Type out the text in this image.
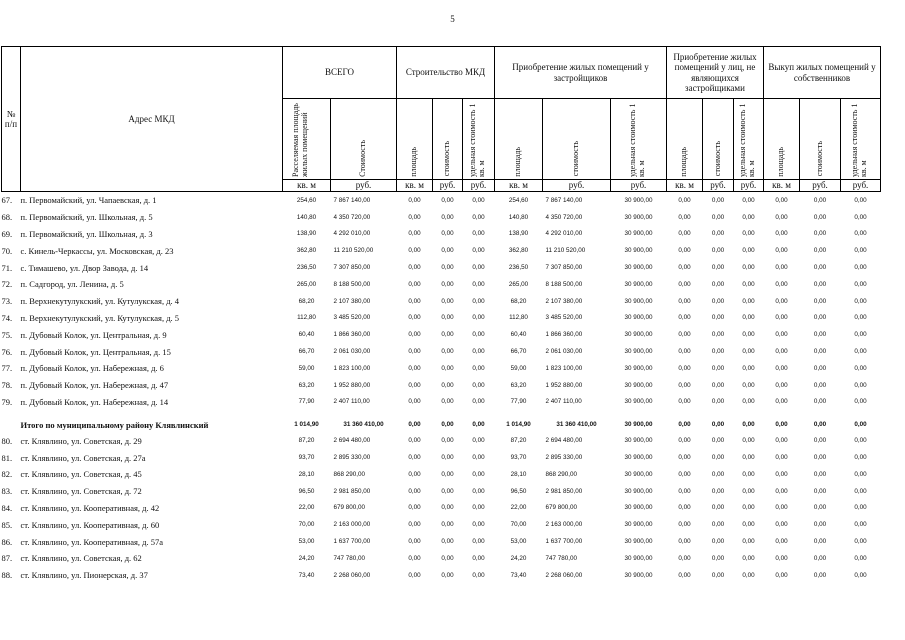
5
№ п/п	Адрес МКД	ВСЕГО		Строительство МКД			Приобретение жилых помещений у застройщиков			Приобретение жилых помещений у лиц, не являющихся застройщиками			Выкуп жилых помещений у собственников		
		Расселяемая площадь жилых помещений	Стоимость	площадь	стоимость	удельная стоимость 1 кв. м	площадь	стоимость	удельная стоимость 1 кв. м	площадь	стоимость	удельная стоимость 1 кв. м	площадь	стоимость	удельная стоимость 1 кв. м
		кв. м	руб.	кв. м	руб.	руб.	кв. м	руб.	руб.	кв. м	руб.	руб.	кв. м	руб.	руб.
67.	п. Первомайский, ул. Чапаевская, д. 1	254,60	7 867 140,00	0,00	0,00	0,00	254,60	7 867 140,00	30 900,00	0,00	0,00	0,00	0,00	0,00	0,00
68.	п. Первомайский, ул. Школьная, д. 5	140,80	4 350 720,00	0,00	0,00	0,00	140,80	4 350 720,00	30 900,00	0,00	0,00	0,00	0,00	0,00	0,00
69.	п. Первомайский, ул. Школьная, д. 3	138,90	4 292 010,00	0,00	0,00	0,00	138,90	4 292 010,00	30 900,00	0,00	0,00	0,00	0,00	0,00	0,00
70.	с. Кинель-Черкассы, ул. Московская, д. 23	362,80	11 210 520,00	0,00	0,00	0,00	362,80	11 210 520,00	30 900,00	0,00	0,00	0,00	0,00	0,00	0,00
71.	с. Тимашево, ул. Двор Завода, д. 14	236,50	7 307 850,00	0,00	0,00	0,00	236,50	7 307 850,00	30 900,00	0,00	0,00	0,00	0,00	0,00	0,00
72.	п. Садгород, ул. Ленина, д. 5	265,00	8 188 500,00	0,00	0,00	0,00	265,00	8 188 500,00	30 900,00	0,00	0,00	0,00	0,00	0,00	0,00
73.	п. Верхнекутулукский, ул. Кутулукская, д. 4	68,20	2 107 380,00	0,00	0,00	0,00	68,20	2 107 380,00	30 900,00	0,00	0,00	0,00	0,00	0,00	0,00
74.	п. Верхнекутулукский, ул. Кутулукская, д. 5	112,80	3 485 520,00	0,00	0,00	0,00	112,80	3 485 520,00	30 900,00	0,00	0,00	0,00	0,00	0,00	0,00
75.	п. Дубовый Колок, ул. Центральная, д. 9	60,40	1 866 360,00	0,00	0,00	0,00	60,40	1 866 360,00	30 900,00	0,00	0,00	0,00	0,00	0,00	0,00
76.	п. Дубовый Колок, ул. Центральная, д. 15	66,70	2 061 030,00	0,00	0,00	0,00	66,70	2 061 030,00	30 900,00	0,00	0,00	0,00	0,00	0,00	0,00
77.	п. Дубовый Колок, ул. Набережная, д. 6	59,00	1 823 100,00	0,00	0,00	0,00	59,00	1 823 100,00	30 900,00	0,00	0,00	0,00	0,00	0,00	0,00
78.	п. Дубовый Колок, ул. Набережная, д. 47	63,20	1 952 880,00	0,00	0,00	0,00	63,20	1 952 880,00	30 900,00	0,00	0,00	0,00	0,00	0,00	0,00
79.	п. Дубовый Колок, ул. Набережная, д. 14	77,90	2 407 110,00	0,00	0,00	0,00	77,90	2 407 110,00	30 900,00	0,00	0,00	0,00	0,00	0,00	0,00

	Итого по муниципальному району Клявлинский	1 014,90	31 360 410,00	0,00	0,00	0,00	1 014,90	31 360 410,00	30 900,00	0,00	0,00	0,00	0,00	0,00	0,00
80.	ст. Клявлино, ул. Советская, д. 29	87,20	2 694 480,00	0,00	0,00	0,00	87,20	2 694 480,00	30 900,00	0,00	0,00	0,00	0,00	0,00	0,00
81.	ст. Клявлино, ул. Советская, д. 27а	93,70	2 895 330,00	0,00	0,00	0,00	93,70	2 895 330,00	30 900,00	0,00	0,00	0,00	0,00	0,00	0,00
82.	ст. Клявлино, ул. Советская, д. 45	28,10	868 290,00	0,00	0,00	0,00	28,10	868 290,00	30 900,00	0,00	0,00	0,00	0,00	0,00	0,00
83.	ст. Клявлино, ул. Советская, д. 72	96,50	2 981 850,00	0,00	0,00	0,00	96,50	2 981 850,00	30 900,00	0,00	0,00	0,00	0,00	0,00	0,00
84.	ст. Клявлино, ул. Кооперативная, д. 42	22,00	679 800,00	0,00	0,00	0,00	22,00	679 800,00	30 900,00	0,00	0,00	0,00	0,00	0,00	0,00
85.	ст. Клявлино, ул. Кооперативная, д. 60	70,00	2 163 000,00	0,00	0,00	0,00	70,00	2 163 000,00	30 900,00	0,00	0,00	0,00	0,00	0,00	0,00
86.	ст. Клявлино, ул. Кооперативная, д. 57а	53,00	1 637 700,00	0,00	0,00	0,00	53,00	1 637 700,00	30 900,00	0,00	0,00	0,00	0,00	0,00	0,00
87.	ст. Клявлино, ул. Советская, д. 62	24,20	747 780,00	0,00	0,00	0,00	24,20	747 780,00	30 900,00	0,00	0,00	0,00	0,00	0,00	0,00
88.	ст. Клявлино, ул. Пионерская, д. 37	73,40	2 268 060,00	0,00	0,00	0,00	73,40	2 268 060,00	30 900,00	0,00	0,00	0,00	0,00	0,00	0,00
